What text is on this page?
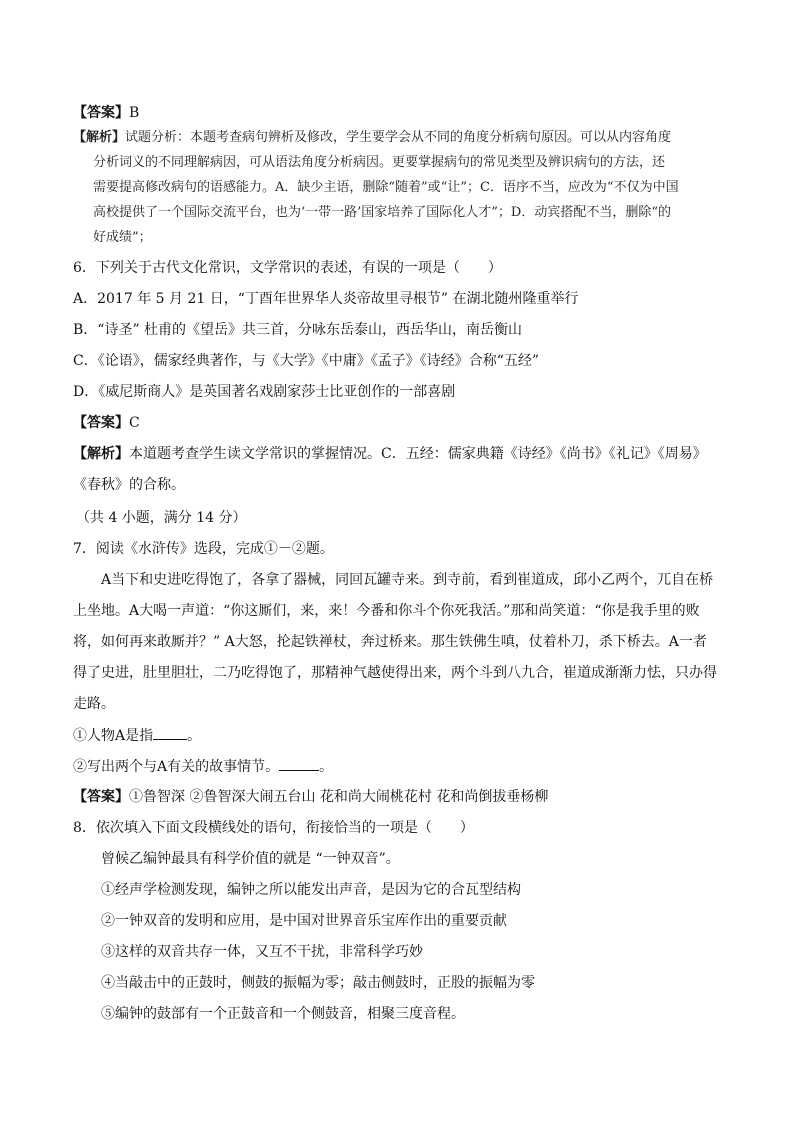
【答案】B
【解析】试题分析：本题考查病句辨析及修改，学生要学会从不同的角度分析病句原因。可以从内容角度
分析词义的不同理解病因，可从语法角度分析病因。更要掌握病句的常见类型及辨识病句的方法，还
需要提高修改病句的语感能力。A．缺少主语，删除“随着”或“让”；C．语序不当，应改为“不仅为中国
高校提供了一个国际交流平台，也为‘一带一路’国家培养了国际化人才”；D．动宾搭配不当，删除“的
好成绩”；
6．下列关于古代文化常识，文学常识的表述，有误的一项是（　　）
A．2017 年 5 月 21 日，“丁酉年世界华人炎帝故里寻根节” 在湖北随州隆重举行
B．“诗圣” 杜甫的《望岳》共三首，分咏东岳泰山，西岳华山，南岳衡山
C．《论语》，儒家经典著作，与《大学》《中庸》《孟子》《诗经》合称“五经”
D．《威尼斯商人》是英国著名戏剧家莎士比亚创作的一部喜剧
【答案】C
【解析】本道题考查学生读文学常识的掌握情况。C．五经：儒家典籍《诗经》《尚书》《礼记》《周易》
《春秋》的合称。
（共 4 小题，满分 14 分）
7．阅读《水浒传》选段，完成①－②题。
A当下和史进吃得饱了，各拿了器械，同回瓦罐寺来。到寺前，看到崔道成，邱小乙两个，兀自在桥
上坐地。A大喝一声道：“你这厮们，来，来！今番和你斗个你死我活。”那和尚笑道：“你是我手里的败
将，如何再来敢厮并？” A大怒，抡起铁禅杖，奔过桥来。那生铁佛生嗔，仗着朴刀，杀下桥去。A一者
得了史进，肚里胆壮，二乃吃得饱了，那精神气越使得出来，两个斗到八九合，崔道成渐渐力怯，只办得
走路。
①人物A是指 。
②写出两个与A有关的故事情节。	。
【答案】①鲁智深 ②鲁智深大闹五台山 花和尚大闹桃花村 花和尚倒拔垂杨柳
8．依次填入下面文段横线处的语句，衔接恰当的一项是（　　）
曾候乙编钟最具有科学价值的就是 “一钟双音”。
①经声学检测发现，编钟之所以能发出声音，是因为它的合瓦型结构
②一钟双音的发明和应用，是中国对世界音乐宝库作出的重要贡献
③这样的双音共存一体，又互不干扰，非常科学巧妙
④当敲击中的正鼓时，侧鼓的振幅为零；敲击侧鼓时，正股的振幅为零
⑤编钟的鼓部有一个正鼓音和一个侧鼓音，相聚三度音程。
